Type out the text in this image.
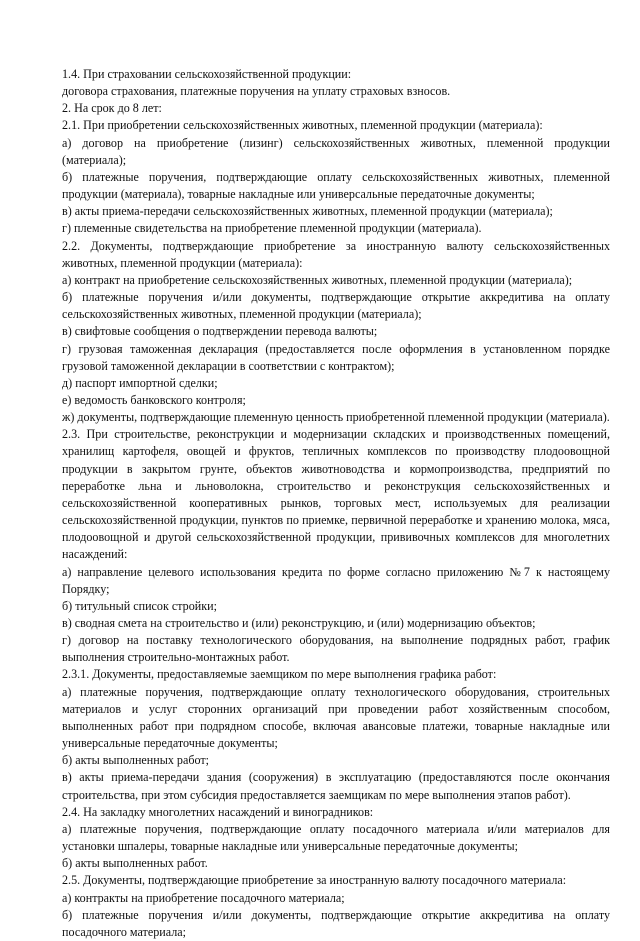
1.4. При страховании сельскохозяйственной продукции:

договора страхования, платежные поручения на уплату страховых взносов.

2. На срок до 8 лет:

2.1. При приобретении сельскохозяйственных животных, племенной продукции (материала):

а) договор на приобретение (лизинг) сельскохозяйственных животных, племенной продукции (материала);

б) платежные поручения, подтверждающие оплату сельскохозяйственных животных, племенной продукции (материала), товарные накладные или универсальные передаточные документы;

в) акты приема-передачи сельскохозяйственных животных, племенной продукции (материала);

г) племенные свидетельства на приобретение племенной продукции (материала).

2.2. Документы, подтверждающие приобретение за иностранную валюту сельскохозяйственных животных, племенной продукции (материала):

а) контракт на приобретение сельскохозяйственных животных, племенной продукции (материала);

б) платежные поручения и/или документы, подтверждающие открытие аккредитива на оплату сельскохозяйственных животных, племенной продукции (материала);

в) свифтовые сообщения о подтверждении перевода валюты;

г) грузовая таможенная декларация (предоставляется после оформления в установленном порядке грузовой таможенной декларации в соответствии с контрактом);

д) паспорт импортной сделки;

е) ведомость банковского контроля;

ж) документы, подтверждающие племенную ценность приобретенной племенной продукции (материала).

2.3. При строительстве, реконструкции и модернизации складских и производственных помещений, хранилищ картофеля, овощей и фруктов, тепличных комплексов по производству плодоовощной продукции в закрытом грунте, объектов животноводства и кормопроизводства, предприятий по переработке льна и льноволокна, строительство и реконструкция сельскохозяйственных и сельскохозяйственной кооперативных рынков, торговых мест, используемых для реализации сельскохозяйственной продукции, пунктов по приемке, первичной переработке и хранению молока, мяса, плодоовощной и другой сельскохозяйственной продукции, прививочных комплексов для многолетних насаждений:

а) направление целевого использования кредита по форме согласно приложению №7 к настоящему Порядку;

б) титульный список стройки;

в) сводная смета на строительство и (или) реконструкцию, и (или) модернизацию объектов;

г) договор на поставку технологического оборудования, на выполнение подрядных работ, график выполнения строительно-монтажных работ.

2.3.1. Документы, предоставляемые заемщиком по мере выполнения графика работ:

а) платежные поручения, подтверждающие оплату технологического оборудования, строительных материалов и услуг сторонних организаций при проведении работ хозяйственным способом, выполненных работ при подрядном способе, включая авансовые платежи, товарные накладные или универсальные передаточные документы;

б) акты выполненных работ;

в) акты приема-передачи здания (сооружения) в эксплуатацию (предоставляются после окончания строительства, при этом субсидия предоставляется заемщикам по мере выполнения этапов работ).

2.4. На закладку многолетних насаждений и виноградников:

а) платежные поручения, подтверждающие оплату посадочного материала и/или материалов для установки шпалеры, товарные накладные или универсальные передаточные документы;

б) акты выполненных работ.

2.5. Документы, подтверждающие приобретение за иностранную валюту посадочного материала:

а) контракты на приобретение посадочного материала;

б) платежные поручения и/или документы, подтверждающие открытие аккредитива на оплату посадочного материала;
